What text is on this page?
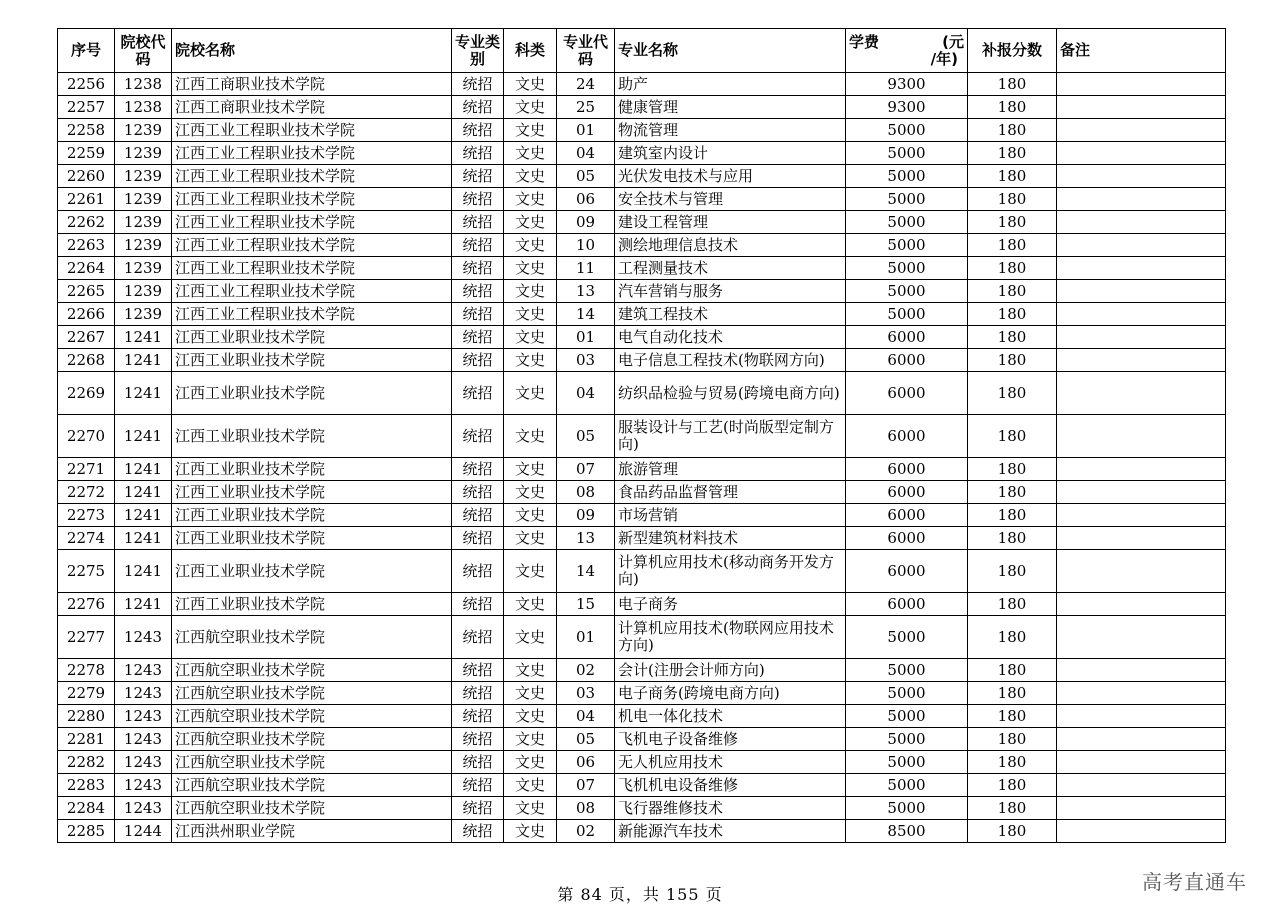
序号	院校代码	院校名称	专业类别	科类	专业代码	专业名称	学费 (元
/年)	补报分数	备注
2256	1238	江西工商职业技术学院	统招	文史	24	助产	9300	180	
2257	1238	江西工商职业技术学院	统招	文史	25	健康管理	9300	180	
2258	1239	江西工业工程职业技术学院	统招	文史	01	物流管理	5000	180	
2259	1239	江西工业工程职业技术学院	统招	文史	04	建筑室内设计	5000	180	
2260	1239	江西工业工程职业技术学院	统招	文史	05	光伏发电技术与应用	5000	180	
2261	1239	江西工业工程职业技术学院	统招	文史	06	安全技术与管理	5000	180	
2262	1239	江西工业工程职业技术学院	统招	文史	09	建设工程管理	5000	180	
2263	1239	江西工业工程职业技术学院	统招	文史	10	测绘地理信息技术	5000	180	
2264	1239	江西工业工程职业技术学院	统招	文史	11	工程测量技术	5000	180	
2265	1239	江西工业工程职业技术学院	统招	文史	13	汽车营销与服务	5000	180	
2266	1239	江西工业工程职业技术学院	统招	文史	14	建筑工程技术	5000	180	
2267	1241	江西工业职业技术学院	统招	文史	01	电气自动化技术	6000	180	
2268	1241	江西工业职业技术学院	统招	文史	03	电子信息工程技术(物联网方向)	6000	180	
2269	1241	江西工业职业技术学院	统招	文史	04	纺织品检验与贸易(跨境电商方向)	6000	180	
2270	1241	江西工业职业技术学院	统招	文史	05	服装设计与工艺(时尚版型定制方向)	6000	180	
2271	1241	江西工业职业技术学院	统招	文史	07	旅游管理	6000	180	
2272	1241	江西工业职业技术学院	统招	文史	08	食品药品监督管理	6000	180	
2273	1241	江西工业职业技术学院	统招	文史	09	市场营销	6000	180	
2274	1241	江西工业职业技术学院	统招	文史	13	新型建筑材料技术	6000	180	
2275	1241	江西工业职业技术学院	统招	文史	14	计算机应用技术(移动商务开发方向)	6000	180	
2276	1241	江西工业职业技术学院	统招	文史	15	电子商务	6000	180	
2277	1243	江西航空职业技术学院	统招	文史	01	计算机应用技术(物联网应用技术方向)	5000	180	
2278	1243	江西航空职业技术学院	统招	文史	02	会计(注册会计师方向)	5000	180	
2279	1243	江西航空职业技术学院	统招	文史	03	电子商务(跨境电商方向)	5000	180	
2280	1243	江西航空职业技术学院	统招	文史	04	机电一体化技术	5000	180	
2281	1243	江西航空职业技术学院	统招	文史	05	飞机电子设备维修	5000	180	
2282	1243	江西航空职业技术学院	统招	文史	06	无人机应用技术	5000	180	
2283	1243	江西航空职业技术学院	统招	文史	07	飞机机电设备维修	5000	180	
2284	1243	江西航空职业技术学院	统招	文史	08	飞行器维修技术	5000	180	
2285	1244	江西洪州职业学院	统招	文史	02	新能源汽车技术	8500	180	
第 84 页，共 155 页
高考直通车
